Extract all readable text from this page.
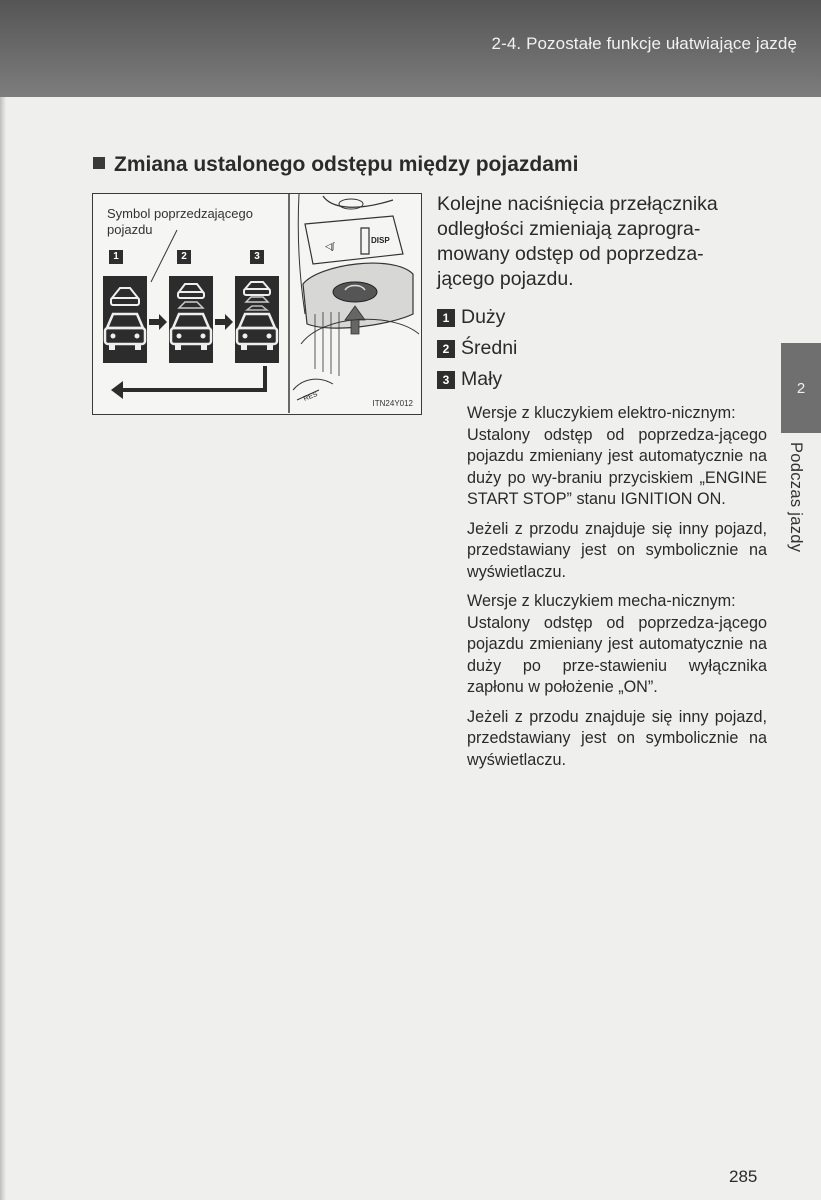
2-4. Pozostałe funkcje ułatwiające jazdę
Zmiana ustalonego odstępu między pojazdami
Symbol poprzedzającego
pojazdu
◁∫
DISP
RES
1	2	3
ITN24Y012

Kolejne naciśnięcia przełącznika

odległości zmieniają zaprogra-

mowany odstęp od poprzedza-

jącego pojazdu.

1 Duży
2 Średni
3 Mały

Wersje z kluczykiem elektro-nicznym:

Ustalony odstęp od poprzedza-jącego pojazdu zmieniany jest automatycznie na duży po wy-braniu przyciskiem „ENGINE START STOP” stanu IGNITION ON.

Jeżeli z przodu znajduje się inny pojazd, przedstawiany jest on symbolicznie na wyświetlaczu.

Wersje z kluczykiem mecha-nicznym:

Ustalony odstęp od poprzedza-jącego pojazdu zmieniany jest automatycznie na duży po prze-stawieniu wyłącznika zapłonu w położenie „ON”.

Jeżeli z przodu znajduje się inny pojazd, przedstawiany jest on symbolicznie na wyświetlaczu.

2
Podczas jazdy
285
